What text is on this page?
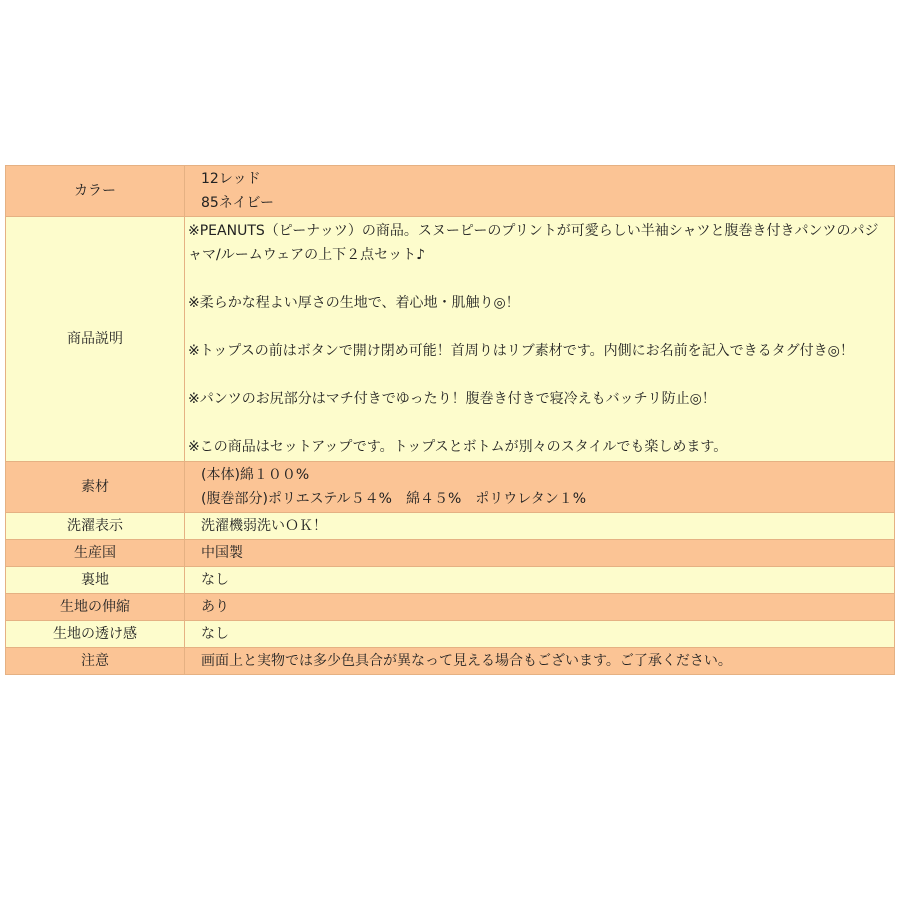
カラー	12レッド
85ネイビー

商品説明	※PEANUTS（ピーナッツ）の商品。スヌーピーのプリントが可愛らしい半袖シャツと腹巻き付きパンツのパジャマ/ルームウェアの上下２点セット♪
※柔らかな程よい厚さの生地で、着心地・肌触り◎！
※トップスの前はボタンで開け閉め可能！首周りはリブ素材です。内側にお名前を記入できるタグ付き◎！
※パンツのお尻部分はマチ付きでゆったり！腹巻き付きで寝冷えもバッチリ防止◎！
※この商品はセットアップです。トップスとボトムが別々のスタイルでも楽しめます。

素材	(本体)綿１００%
(腹巻部分)ポリエステル５４%　綿４５%　ポリウレタン１%

洗濯表示	洗濯機弱洗いＯＫ！
生産国	中国製
裏地	なし
生地の伸縮	あり
生地の透け感	なし
注意	画面上と実物では多少色具合が異なって見える場合もございます。ご了承ください。
